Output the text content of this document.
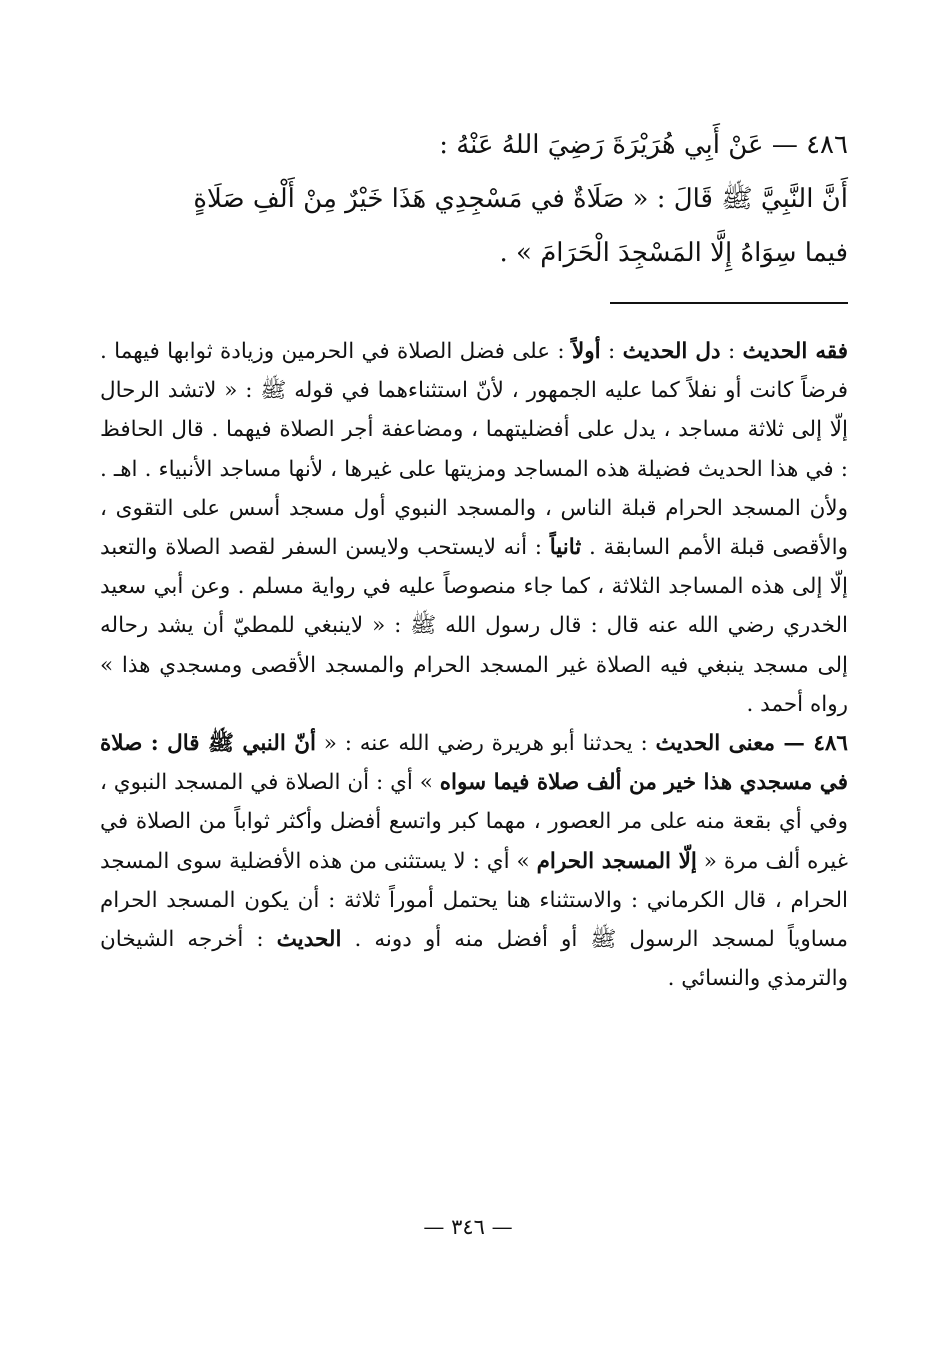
٤٨٦ — عَنْ أَبِي هُرَيْرَةَ رَضِيَ اللهُ عَنْهُ :
أَنَّ النَّبِيَّ ﷺ قَالَ : « صَلَاةٌ في مَسْجِدِي هَذَا خَيْرٌ مِنْ أَلْفِ صَلَاةٍ
فيما سِوَاهُ إِلَّا المَسْجِدَ الْحَرَامَ » .

فقه الحديث : دل الحديث : أولاً : على فضل الصلاة في الحرمين وزيادة ثوابها فيهما . فرضاً كانت أو نفلاً كما عليه الجمهور ، لأنّ استثناءهما في قوله ﷺ : « لاتشد الرحال إلّا إلى ثلاثة مساجد ، يدل على أفضليتهما ، ومضاعفة أجر الصلاة فيهما . قال الحافظ : في هذا الحديث فضيلة هذه المساجد ومزيتها على غيرها ، لأنها مساجد الأنبياء . اهـ . ولأن المسجد الحرام قبلة الناس ، والمسجد النبوي أول مسجد أسس على التقوى ، والأقصى قبلة الأمم السابقة . ثانياً : أنه لايستحب ولايسن السفر لقصد الصلاة والتعبد إلّا إلى هذه المساجد الثلاثة ، كما جاء منصوصاً عليه في رواية مسلم . وعن أبي سعيد الخدري رضي الله عنه قال : قال رسول الله ﷺ : « لاينبغي للمطيّ أن يشد رحاله إلى مسجد ينبغي فيه الصلاة غير المسجد الحرام والمسجد الأقصى ومسجدي هذا » رواه أحمد .

٤٨٦ — معنى الحديث : يحدثنا أبو هريرة رضي الله عنه : « أنّ النبي ﷺ قال : صلاة في مسجدي هذا خير من ألف صلاة فيما سواه » أي : أن الصلاة في المسجد النبوي ، وفي أي بقعة منه على مر العصور ، مهما كبر واتسع أفضل وأكثر ثواباً من الصلاة في غيره ألف مرة « إلّا المسجد الحرام » أي : لا يستثنى من هذه الأفضلية سوى المسجد الحرام ، قال الكرماني : والاستثناء هنا يحتمل أموراً ثلاثة : أن يكون المسجد الحرام مساوياً لمسجد الرسول ﷺ أو أفضل منه أو دونه . الحديث : أخرجه الشيخان والترمذي والنسائي .

— ٣٤٦ —
